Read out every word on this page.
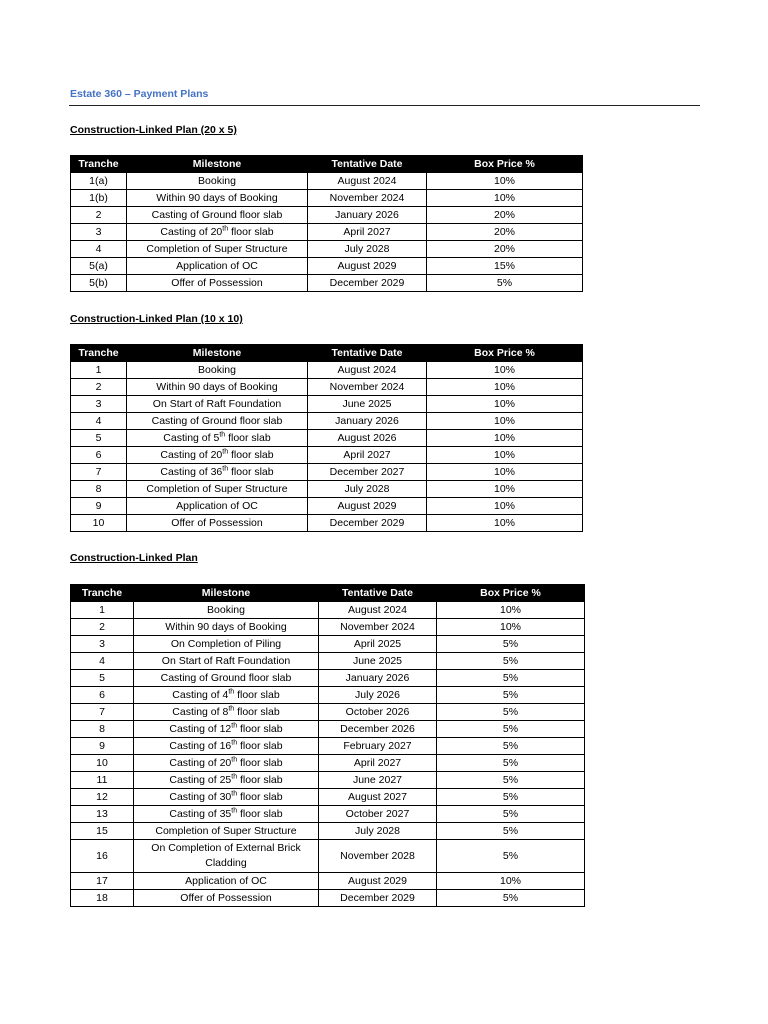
Estate 360 – Payment Plans
Construction-Linked Plan (20 x 5)
Tranche	Milestone	Tentative Date	Box Price %
1(a)	Booking	August 2024	10%
1(b)	Within 90 days of Booking	November 2024	10%
2	Casting of Ground floor slab	January 2026	20%
3	Casting of 20th floor slab	April 2027	20%
4	Completion of Super Structure	July 2028	20%
5(a)	Application of OC	August 2029	15%
5(b)	Offer of Possession	December 2029	5%
Construction-Linked Plan (10 x 10)
Tranche	Milestone	Tentative Date	Box Price %
1	Booking	August 2024	10%
2	Within 90 days of Booking	November 2024	10%
3	On Start of Raft Foundation	June 2025	10%
4	Casting of Ground floor slab	January 2026	10%
5	Casting of 5th floor slab	August 2026	10%
6	Casting of 20th floor slab	April 2027	10%
7	Casting of 36th floor slab	December 2027	10%
8	Completion of Super Structure	July 2028	10%
9	Application of OC	August 2029	10%
10	Offer of Possession	December 2029	10%
Construction-Linked Plan
Tranche	Milestone	Tentative Date	Box Price %
1	Booking	August 2024	10%
2	Within 90 days of Booking	November 2024	10%
3	On Completion of Piling	April 2025	5%
4	On Start of Raft Foundation	June 2025	5%
5	Casting of Ground floor slab	January 2026	5%
6	Casting of 4th floor slab	July 2026	5%
7	Casting of 8th floor slab	October 2026	5%
8	Casting of 12th floor slab	December 2026	5%
9	Casting of 16th floor slab	February 2027	5%
10	Casting of 20th floor slab	April 2027	5%
11	Casting of 25th floor slab	June 2027	5%
12	Casting of 30th floor slab	August 2027	5%
13	Casting of 35th floor slab	October 2027	5%
15	Completion of Super Structure	July 2028	5%
16	On Completion of External Brick Cladding	November 2028	5%
17	Application of OC	August 2029	10%
18	Offer of Possession	December 2029	5%
